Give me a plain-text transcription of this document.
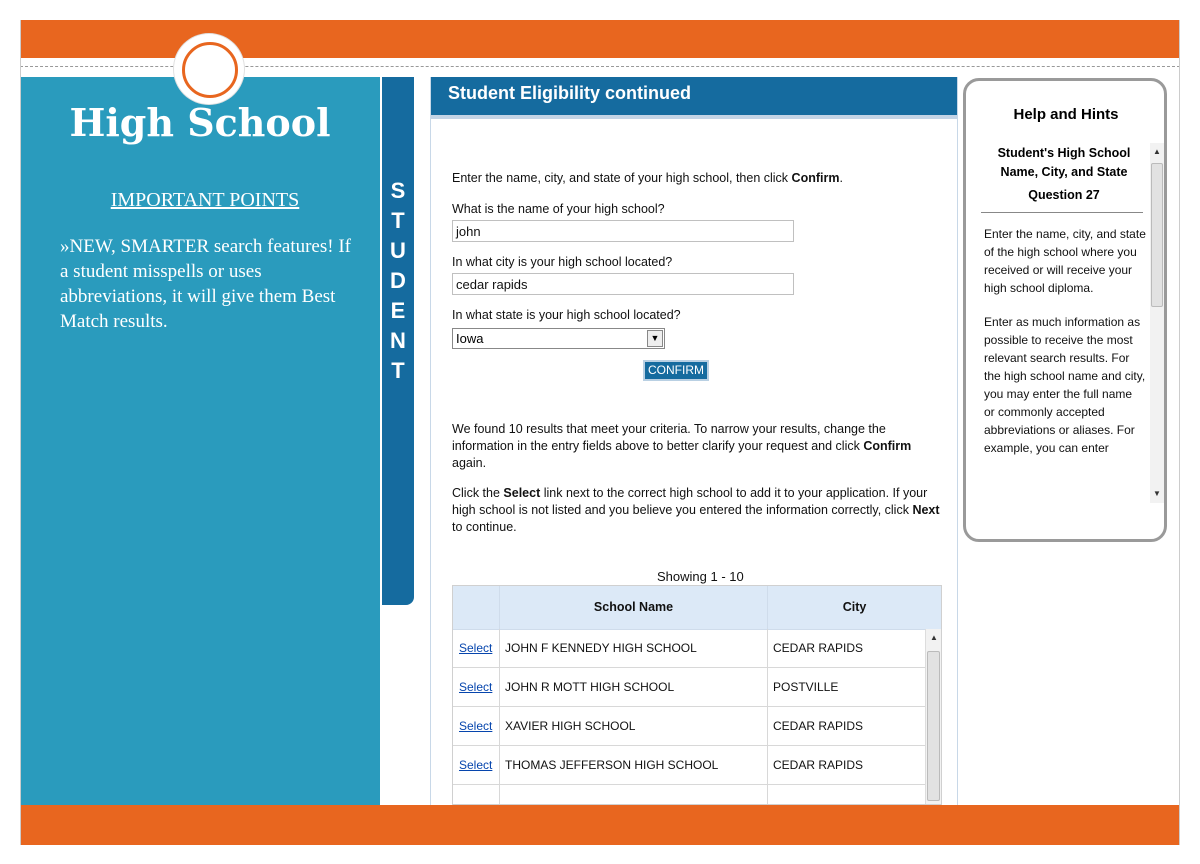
High School
IMPORTANT POINTS
»NEW, SMARTER search features! If a student misspells or uses abbreviations, it will give them Best Match results.
S
T
U
D
E
N
T
Student Eligibility continued
Enter the name, city, and state of your high school, then click Confirm.
What is the name of your high school?
john
In what city is your high school located?
cedar rapids
In what state is your high school located?
Iowa	▼
CONFIRM
We found 10 results that meet your criteria. To narrow your results, change the information in the entry fields above to better clarify your request and click Confirm again.
Click the Select link next to the correct high school to add it to your application. If your high school is not listed and you believe you entered the information correctly, click Next to continue.
Showing 1 - 10
School Name	City
Select JOHN F KENNEDY HIGH SCHOOL	CEDAR RAPIDS
Select JOHN R MOTT HIGH SCHOOL	POSTVILLE
Select XAVIER HIGH SCHOOL	CEDAR RAPIDS
Select THOMAS JEFFERSON HIGH SCHOOL	CEDAR RAPIDS
▲
Help and Hints
Student's High School Name, City, and State
Question 27

Enter the name, city, and state of the high school where you received or will receive your high school diploma.

Enter as much information as possible to receive the most relevant search results. For the high school name and city, you may enter the full name or commonly accepted abbreviations or aliases. For example, you can enter

▲
▼
